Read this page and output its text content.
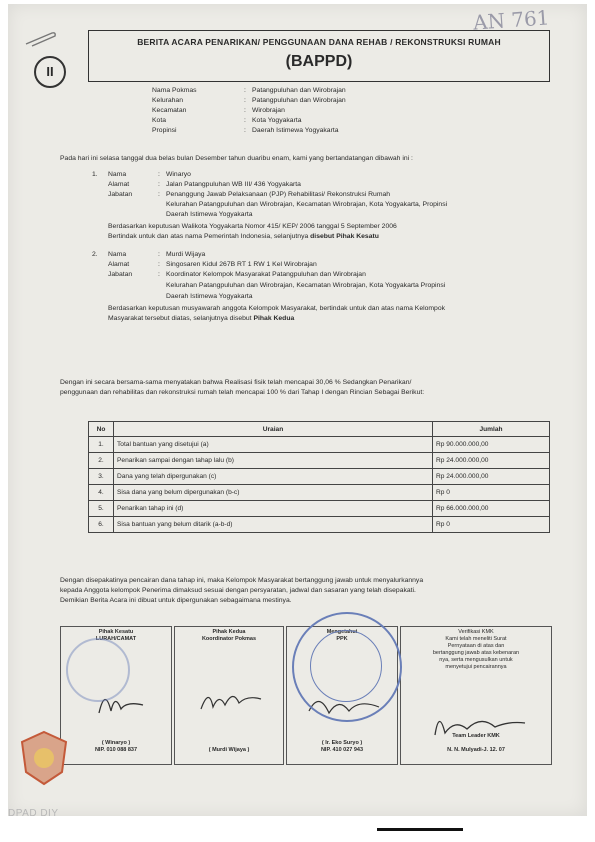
AN 761
II
BERITA ACARA PENARIKAN/ PENGGUNAAN DANA REHAB / REKONSTRUKSI RUMAH
(BAPPD)
Nama Pokmas	: Patangpuluhan dan Wirobrajan
Kelurahan	: Patangpuluhan dan Wirobrajan
Kecamatan	: Wirobrajan
Kota	: Kota Yogyakarta
Propinsi	: Daerah Istimewa Yogyakarta
Pada hari ini selasa tanggal dua belas bulan Desember tahun duaribu enam, kami yang bertandatangan dibawah ini :
1. Nama	: Winaryo
Alamat	: Jalan Patangpuluhan WB III/ 436 Yogyakarta
Jabatan	: Penanggung Jawab Pelaksanaan (PJP) Rehabilitasi/ Rekonstruksi Rumah
Kelurahan Patangpuluhan dan Wirobrajan, Kecamatan Wirobrajan, Kota Yogyakarta, Propinsi
Daerah Istimewa Yogyakarta
Berdasarkan keputusan Walikota Yogyakarta Nomor 415/ KEP/ 2006 tanggal 5 September 2006
Bertindak untuk dan atas nama Pemerintah Indonesia, selanjutnya disebut Pihak Kesatu
2. Nama	: Murdi Wijaya
Alamat	: Singosaren Kidul 267B RT 1 RW 1 Kel Wirobrajan
Jabatan	: Koordinator Kelompok Masyarakat Patangpuluhan dan Wirobrajan
Kelurahan Patangpuluhan dan Wirobrajan, Kecamatan Wirobrajan, Kota Yogyakarta Propinsi
Daerah Istimewa Yogyakarta
Berdasarkan keputusan musyawarah anggota Kelompok Masyarakat, bertindak untuk dan atas nama Kelompok
Masyarakat tersebut diatas, selanjutnya disebut Pihak Kedua
Dengan ini secara bersama-sama menyatakan bahwa Realisasi fisik telah mencapai 30,06 % Sedangkan Penarikan/
penggunaan dan rehabilitas dan rekonstruksi rumah telah mencapai 100 % dari Tahap I dengan Rincian Sebagai Berikut:
No	Uraian	Jumlah
1.	Total bantuan yang disetujui (a)	Rp 90.000.000,00
2.	Penarikan sampai dengan tahap lalu (b)	Rp 24.000.000,00
3.	Dana yang telah dipergunakan (c)	Rp 24.000.000,00
4.	Sisa dana yang belum dipergunakan (b-c)	Rp 0
5.	Penarikan tahap ini (d)	Rp 66.000.000,00
6.	Sisa bantuan yang belum ditarik (a-b-d)	Rp 0
Dengan disepakatinya pencairan dana tahap ini, maka Kelompok Masyarakat bertanggung jawab untuk menyalurkannya
kepada Anggota kelompok Penerima dimaksud sesuai dengan persyaratan, jadwal dan sasaran yang telah disepakati.
Demikian Berita Acara ini dibuat untuk dipergunakan sebagaimana mestinya.

Pihak Kesatu
LURAH/CAMAT

( Winaryo )
NIP. 010 088 837

Pihak Kedua
Koordinator Pokmas
( Murdi Wijaya )
Mengetahui
PPK
( Ir. Eko Suryo )
NIP. 410 027 943
Verifikasi KMK
Kami telah meneliti Surat
Pernyataan di atas dan
bertanggung jawab atas kebenaran
nya, serta mengusulkan untuk
menyetujui pencairannya
Team Leader KMK

N. N. Mulyadi-J. 12. 07
DPAD DIY
